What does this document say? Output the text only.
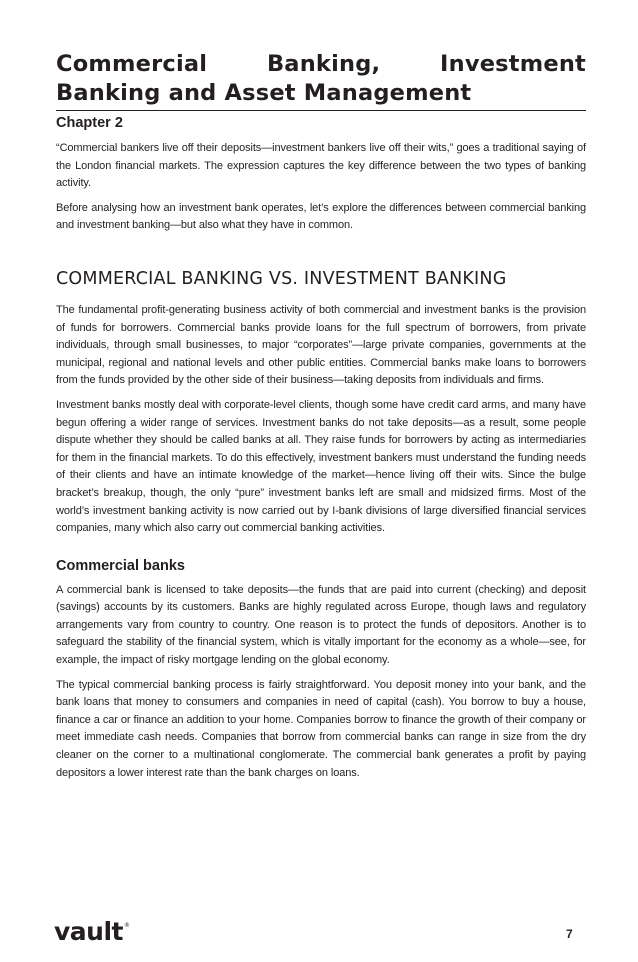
Commercial Banking, Investment Banking and Asset Management
Chapter 2

“Commercial bankers live off their deposits—investment bankers live off their wits,” goes a traditional saying of the London financial markets. The expression captures the key difference between the two types of banking activity.

Before analysing how an investment bank operates, let’s explore the differences between commercial banking and investment banking—but also what they have in common.

COMMERCIAL BANKING VS. INVESTMENT BANKING

The fundamental profit-generating business activity of both commercial and investment banks is the provision of funds for borrowers. Commercial banks provide loans for the full spectrum of borrowers, from private individuals, through small businesses, to major “corporates”—large private companies, governments at the municipal, regional and national levels and other public entities. Commercial banks make loans to borrowers from the funds provided by the other side of their business—taking deposits from individuals and firms.

Investment banks mostly deal with corporate-level clients, though some have credit card arms, and many have begun offering a wider range of services. Investment banks do not take deposits—as a result, some people dispute whether they should be called banks at all. They raise funds for borrowers by acting as intermediaries for them in the financial markets. To do this effectively, investment bankers must understand the funding needs of their clients and have an intimate knowledge of the market—hence living off their wits. Since the bulge bracket’s breakup, though, the only “pure” investment banks left are small and midsized firms. Most of the world’s investment banking activity is now carried out by I-bank divisions of large diversified financial services companies, many which also carry out commercial banking activities.

Commercial banks

A commercial bank is licensed to take deposits—the funds that are paid into current (checking) and deposit (savings) accounts by its customers. Banks are highly regulated across Europe, though laws and regulatory arrangements vary from country to country. One reason is to protect the funds of depositors. Another is to safeguard the stability of the financial system, which is vitally important for the economy as a whole—see, for example, the impact of risky mortgage lending on the global economy.

The typical commercial banking process is fairly straightforward. You deposit money into your bank, and the bank loans that money to consumers and companies in need of capital (cash). You borrow to buy a house, finance a car or finance an addition to your home. Companies borrow to finance the growth of their company or meet immediate cash needs. Companies that borrow from commercial banks can range in size from the dry cleaner on the corner to a multinational conglomerate. The commercial bank generates a profit by paying depositors a lower interest rate than the bank charges on loans.

vault®
7
